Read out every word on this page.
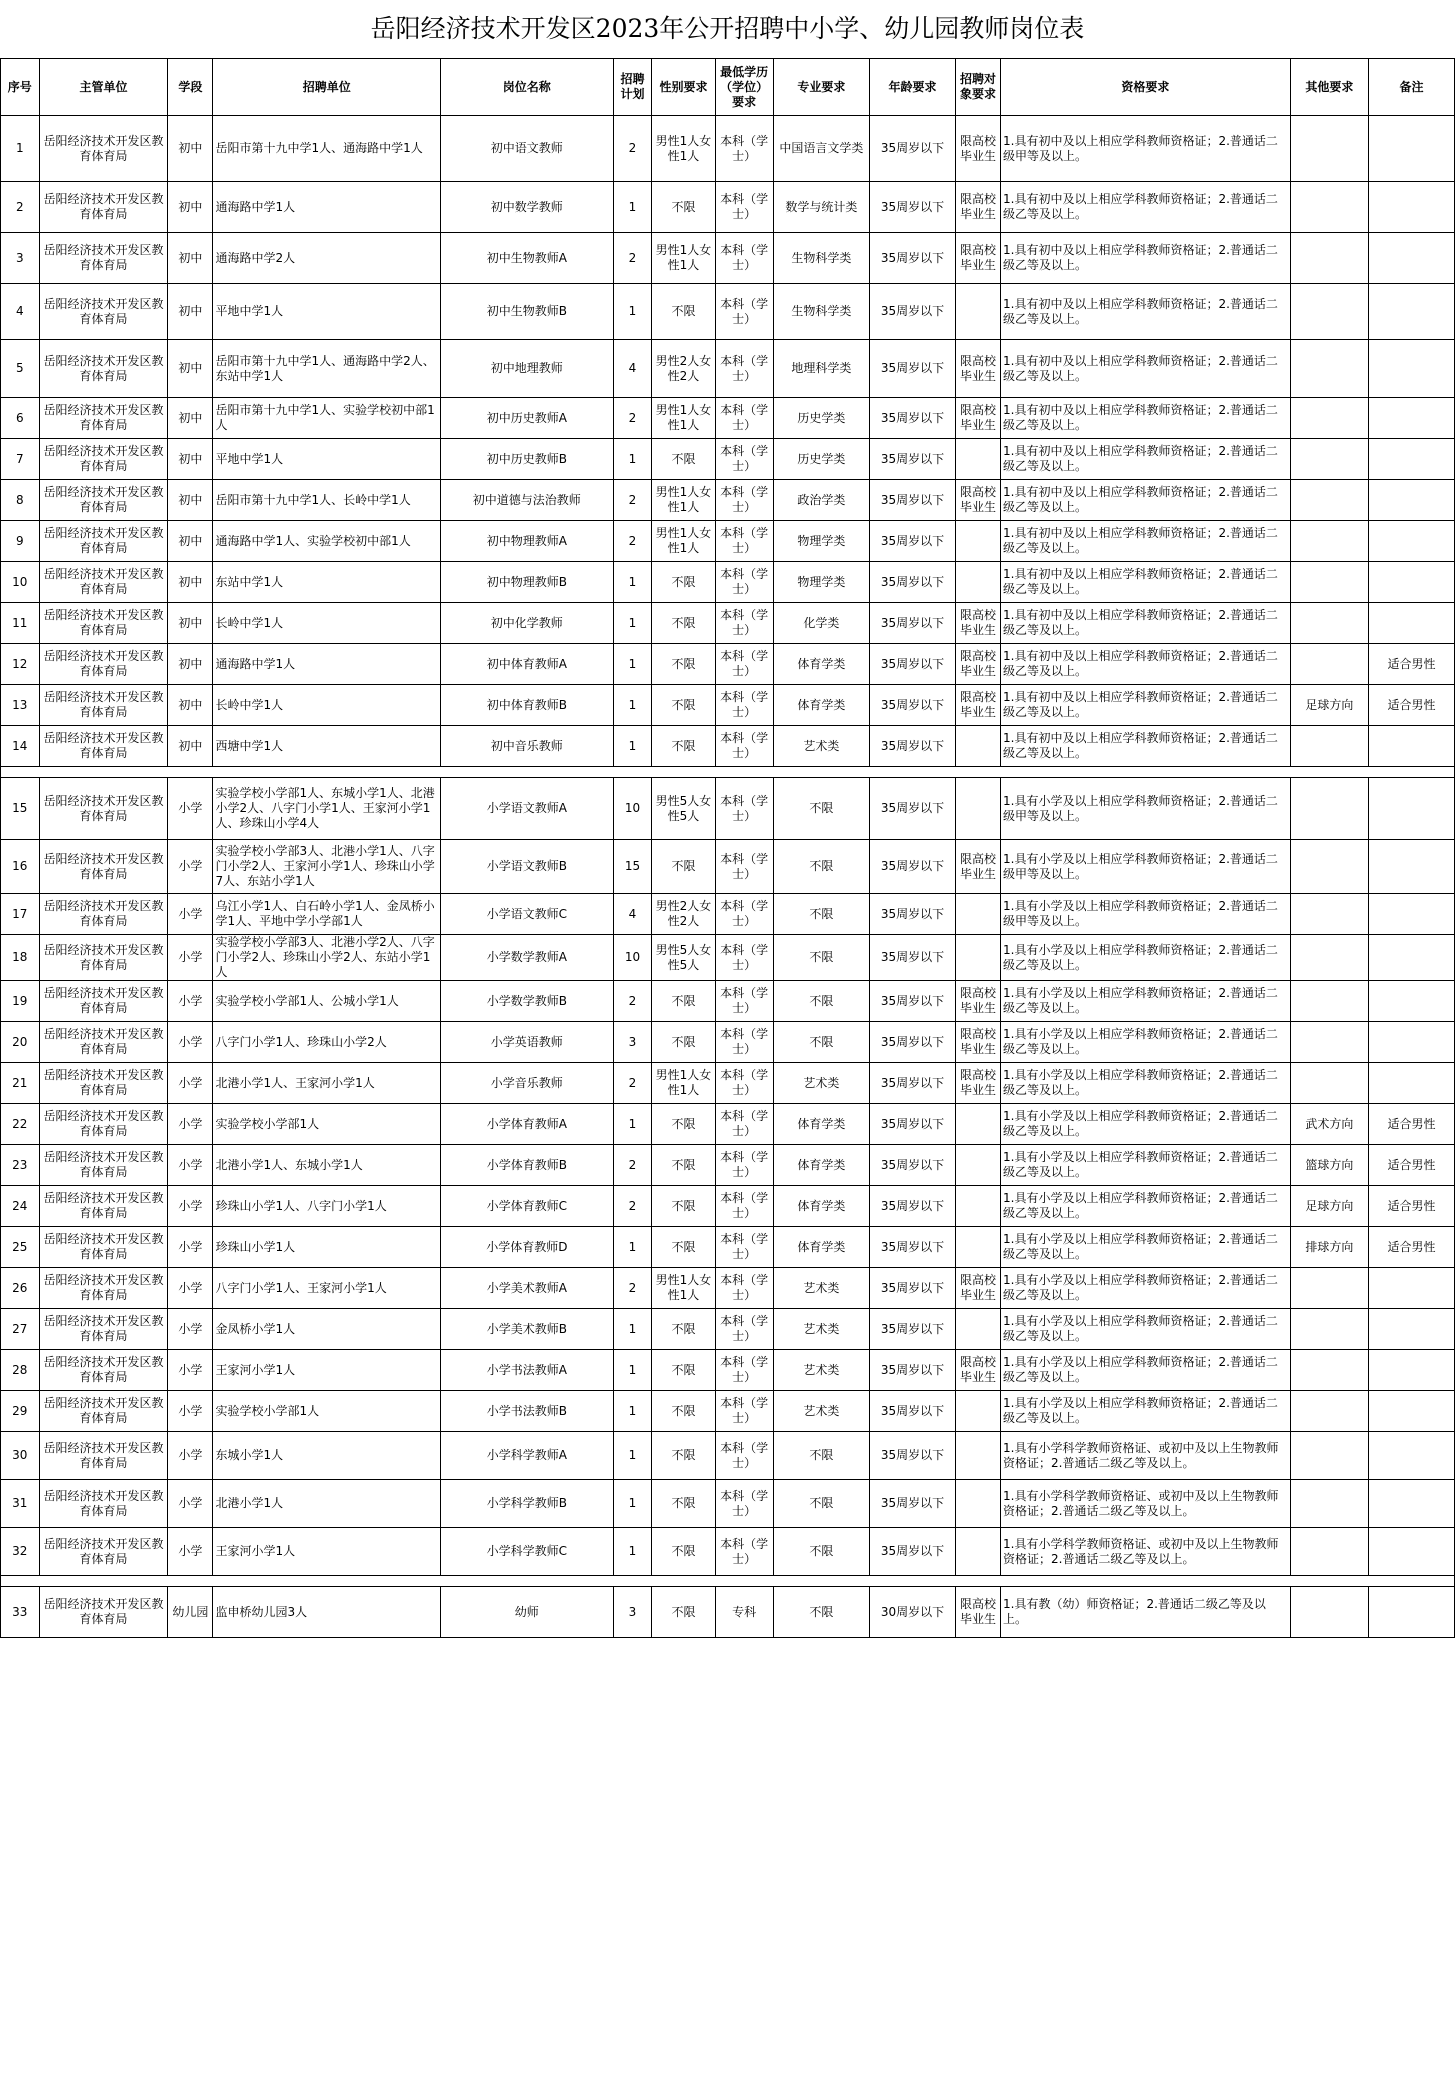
岳阳经济技术开发区2023年公开招聘中小学、幼儿园教师岗位表
序号	主管单位	学段	招聘单位	岗位名称	招聘计划	性别要求	最低学历（学位）要求	专业要求	年龄要求	招聘对象要求	资格要求	其他要求	备注
1	岳阳经济技术开发区教育体育局	初中	岳阳市第十九中学1人、通海路中学1人	初中语文教师	2	男性1人女性1人	本科（学士）	中国语言文学类	35周岁以下	限高校毕业生	1.具有初中及以上相应学科教师资格证；2.普通话二级甲等及以上。		
2	岳阳经济技术开发区教育体育局	初中	通海路中学1人	初中数学教师	1	不限	本科（学士）	数学与统计类	35周岁以下	限高校毕业生	1.具有初中及以上相应学科教师资格证；2.普通话二级乙等及以上。		
3	岳阳经济技术开发区教育体育局	初中	通海路中学2人	初中生物教师A	2	男性1人女性1人	本科（学士）	生物科学类	35周岁以下	限高校毕业生	1.具有初中及以上相应学科教师资格证；2.普通话二级乙等及以上。		
4	岳阳经济技术开发区教育体育局	初中	平地中学1人	初中生物教师B	1	不限	本科（学士）	生物科学类	35周岁以下		1.具有初中及以上相应学科教师资格证；2.普通话二级乙等及以上。		
5	岳阳经济技术开发区教育体育局	初中	岳阳市第十九中学1人、通海路中学2人、东站中学1人	初中地理教师	4	男性2人女性2人	本科（学士）	地理科学类	35周岁以下	限高校毕业生	1.具有初中及以上相应学科教师资格证；2.普通话二级乙等及以上。		
6	岳阳经济技术开发区教育体育局	初中	岳阳市第十九中学1人、实验学校初中部1人	初中历史教师A	2	男性1人女性1人	本科（学士）	历史学类	35周岁以下	限高校毕业生	1.具有初中及以上相应学科教师资格证；2.普通话二级乙等及以上。		
7	岳阳经济技术开发区教育体育局	初中	平地中学1人	初中历史教师B	1	不限	本科（学士）	历史学类	35周岁以下		1.具有初中及以上相应学科教师资格证；2.普通话二级乙等及以上。		
8	岳阳经济技术开发区教育体育局	初中	岳阳市第十九中学1人、长岭中学1人	初中道德与法治教师	2	男性1人女性1人	本科（学士）	政治学类	35周岁以下	限高校毕业生	1.具有初中及以上相应学科教师资格证；2.普通话二级乙等及以上。		
9	岳阳经济技术开发区教育体育局	初中	通海路中学1人、实验学校初中部1人	初中物理教师A	2	男性1人女性1人	本科（学士）	物理学类	35周岁以下		1.具有初中及以上相应学科教师资格证；2.普通话二级乙等及以上。		
10	岳阳经济技术开发区教育体育局	初中	东站中学1人	初中物理教师B	1	不限	本科（学士）	物理学类	35周岁以下		1.具有初中及以上相应学科教师资格证；2.普通话二级乙等及以上。		
11	岳阳经济技术开发区教育体育局	初中	长岭中学1人	初中化学教师	1	不限	本科（学士）	化学类	35周岁以下	限高校毕业生	1.具有初中及以上相应学科教师资格证；2.普通话二级乙等及以上。		
12	岳阳经济技术开发区教育体育局	初中	通海路中学1人	初中体育教师A	1	不限	本科（学士）	体育学类	35周岁以下	限高校毕业生	1.具有初中及以上相应学科教师资格证；2.普通话二级乙等及以上。		适合男性
13	岳阳经济技术开发区教育体育局	初中	长岭中学1人	初中体育教师B	1	不限	本科（学士）	体育学类	35周岁以下	限高校毕业生	1.具有初中及以上相应学科教师资格证；2.普通话二级乙等及以上。	足球方向	适合男性
14	岳阳经济技术开发区教育体育局	初中	西塘中学1人	初中音乐教师	1	不限	本科（学士）	艺术类	35周岁以下		1.具有初中及以上相应学科教师资格证；2.普通话二级乙等及以上。		

15	岳阳经济技术开发区教育体育局	小学	实验学校小学部1人、东城小学1人、北港小学2人、八字门小学1人、王家河小学1人、珍珠山小学4人	小学语文教师A	10	男性5人女性5人	本科（学士）	不限	35周岁以下		1.具有小学及以上相应学科教师资格证；2.普通话二级甲等及以上。		
16	岳阳经济技术开发区教育体育局	小学	实验学校小学部3人、北港小学1人、八字门小学2人、王家河小学1人、珍珠山小学7人、东站小学1人	小学语文教师B	15	不限	本科（学士）	不限	35周岁以下	限高校毕业生	1.具有小学及以上相应学科教师资格证；2.普通话二级甲等及以上。		
17	岳阳经济技术开发区教育体育局	小学	乌江小学1人、白石岭小学1人、金凤桥小学1人、平地中学小学部1人	小学语文教师C	4	男性2人女性2人	本科（学士）	不限	35周岁以下		1.具有小学及以上相应学科教师资格证；2.普通话二级甲等及以上。		
18	岳阳经济技术开发区教育体育局	小学	实验学校小学部3人、北港小学2人、八字门小学2人、珍珠山小学2人、东站小学1人	小学数学教师A	10	男性5人女性5人	本科（学士）	不限	35周岁以下		1.具有小学及以上相应学科教师资格证；2.普通话二级乙等及以上。		
19	岳阳经济技术开发区教育体育局	小学	实验学校小学部1人、公城小学1人	小学数学教师B	2	不限	本科（学士）	不限	35周岁以下	限高校毕业生	1.具有小学及以上相应学科教师资格证；2.普通话二级乙等及以上。		
20	岳阳经济技术开发区教育体育局	小学	八字门小学1人、珍珠山小学2人	小学英语教师	3	不限	本科（学士）	不限	35周岁以下	限高校毕业生	1.具有小学及以上相应学科教师资格证；2.普通话二级乙等及以上。		
21	岳阳经济技术开发区教育体育局	小学	北港小学1人、王家河小学1人	小学音乐教师	2	男性1人女性1人	本科（学士）	艺术类	35周岁以下	限高校毕业生	1.具有小学及以上相应学科教师资格证；2.普通话二级乙等及以上。		
22	岳阳经济技术开发区教育体育局	小学	实验学校小学部1人	小学体育教师A	1	不限	本科（学士）	体育学类	35周岁以下		1.具有小学及以上相应学科教师资格证；2.普通话二级乙等及以上。	武术方向	适合男性
23	岳阳经济技术开发区教育体育局	小学	北港小学1人、东城小学1人	小学体育教师B	2	不限	本科（学士）	体育学类	35周岁以下		1.具有小学及以上相应学科教师资格证；2.普通话二级乙等及以上。	篮球方向	适合男性
24	岳阳经济技术开发区教育体育局	小学	珍珠山小学1人、八字门小学1人	小学体育教师C	2	不限	本科（学士）	体育学类	35周岁以下		1.具有小学及以上相应学科教师资格证；2.普通话二级乙等及以上。	足球方向	适合男性
25	岳阳经济技术开发区教育体育局	小学	珍珠山小学1人	小学体育教师D	1	不限	本科（学士）	体育学类	35周岁以下		1.具有小学及以上相应学科教师资格证；2.普通话二级乙等及以上。	排球方向	适合男性
26	岳阳经济技术开发区教育体育局	小学	八字门小学1人、王家河小学1人	小学美术教师A	2	男性1人女性1人	本科（学士）	艺术类	35周岁以下	限高校毕业生	1.具有小学及以上相应学科教师资格证；2.普通话二级乙等及以上。		
27	岳阳经济技术开发区教育体育局	小学	金凤桥小学1人	小学美术教师B	1	不限	本科（学士）	艺术类	35周岁以下		1.具有小学及以上相应学科教师资格证；2.普通话二级乙等及以上。		
28	岳阳经济技术开发区教育体育局	小学	王家河小学1人	小学书法教师A	1	不限	本科（学士）	艺术类	35周岁以下	限高校毕业生	1.具有小学及以上相应学科教师资格证；2.普通话二级乙等及以上。		
29	岳阳经济技术开发区教育体育局	小学	实验学校小学部1人	小学书法教师B	1	不限	本科（学士）	艺术类	35周岁以下		1.具有小学及以上相应学科教师资格证；2.普通话二级乙等及以上。		
30	岳阳经济技术开发区教育体育局	小学	东城小学1人	小学科学教师A	1	不限	本科（学士）	不限	35周岁以下		1.具有小学科学教师资格证、或初中及以上生物教师资格证；2.普通话二级乙等及以上。		
31	岳阳经济技术开发区教育体育局	小学	北港小学1人	小学科学教师B	1	不限	本科（学士）	不限	35周岁以下		1.具有小学科学教师资格证、或初中及以上生物教师资格证；2.普通话二级乙等及以上。		
32	岳阳经济技术开发区教育体育局	小学	王家河小学1人	小学科学教师C	1	不限	本科（学士）	不限	35周岁以下		1.具有小学科学教师资格证、或初中及以上生物教师资格证；2.普通话二级乙等及以上。		

33	岳阳经济技术开发区教育体育局	幼儿园	监申桥幼儿园3人	幼师	3	不限	专科	不限	30周岁以下	限高校毕业生	1.具有教（幼）师资格证；2.普通话二级乙等及以上。		
